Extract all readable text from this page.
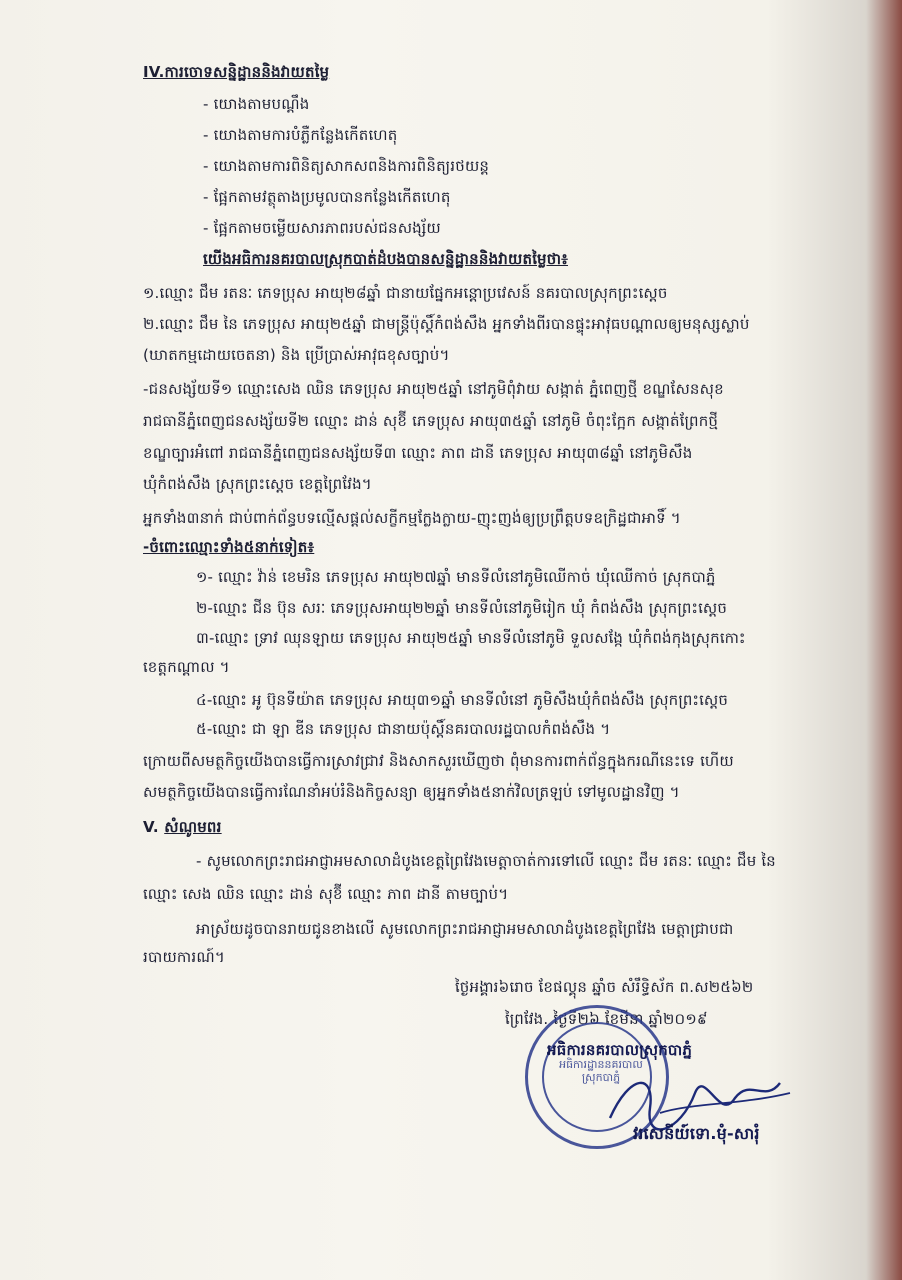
IV.ការចោទសន្និដ្ឋាននិងវាយតម្លៃ
- យោងតាមបណ្តឹង
- យោងតាមការបំភ្លឺកន្លែងកើតហេតុ
- យោងតាមការពិនិត្យសាកសពនិងការពិនិត្យរថយន្ត
- ផ្អែកតាមវត្ថុតាងប្រមូលបានកន្លែងកើតហេតុ
- ផ្អែកតាមចម្លើយសារភាពរបស់ជនសង្ស័យ
យើងអធិការនគរបាលស្រុកបាត់ដំបងបានសន្និដ្ឋាននិងវាយតម្លៃថា៖
១.ឈ្មោះ ជឹម រតនៈ ភេទប្រុស អាយុ២៨ឆ្នាំ ជានាយផ្នែកអន្តោប្រវេសន៍ នគរបាលស្រុកព្រះស្តេច
២.ឈ្មោះ ជឹម នៃ ភេទប្រុស អាយុ២៥ឆ្នាំ ជាមន្ត្រីប៉ុស្តិ៍កំពង់សឹង អ្នកទាំងពីរបានផ្ទុះអាវុធបណ្តាលឲ្យមនុស្សស្លាប់
(ឃាតកម្មដោយចេតនា) និង ប្រើប្រាស់អាវុធខុសច្បាប់។
-ជនសង្ស័យទី១ ឈ្មោះសេង ឈិន ភេទប្រុស អាយុ២៥ឆ្នាំ នៅភូមិពុំវាយ សង្កាត់ ភ្នំពេញថ្មី ខណ្ឌសែនសុខ
រាជធានីភ្នំពេញជនសង្ស័យទី២ ឈ្មោះ ដាន់ សុខ៊ី ភេទប្រុស អាយុ៣៥ឆ្នាំ នៅភូមិ ចំពុះក្អែក សង្កាត់ព្រែកថ្មី
ខណ្ឌច្បារអំពៅ រាជធានីភ្នំពេញជនសង្ស័យទី៣ ឈ្មោះ ភាព ដានី ភេទប្រុស អាយុ៣៨ឆ្នាំ នៅភូមិសឹង
ឃុំកំពង់សឹង ស្រុកព្រះស្តេច ខេត្តព្រៃវែង។
អ្នកទាំង៣នាក់ ជាប់ពាក់ព័ន្ធបទល្មើសផ្តល់សក្ខីកម្មក្លែងក្លាយ-ញុះញង់ឲ្យប្រព្រឹត្តបទឧក្រិដ្ឋជាអាទិ៍ ។
-ចំពោះឈ្មោះទាំង៥នាក់ទៀត៖
១- ឈ្មោះ វ៉ាន់ ខេមរិន ភេទប្រុស អាយុ២៧ឆ្នាំ មានទីលំនៅភូមិឈើកាច់ ឃុំឈើកាច់ ស្រុកបាភ្នំ
២-ឈ្មោះ ជីន ប៊ុន សរៈ ភេទប្រុសអាយុ២២ឆ្នាំ មានទីលំនៅភូមិរៀក ឃុំ កំពង់សឹង ស្រុកព្រះស្តេច
៣-ឈ្មោះ ទ្រាវ ឈុនឡាយ ភេទប្រុស អាយុ២៥ឆ្នាំ មានទីលំនៅភូមិ ទួលសង្កែ ឃុំកំពង់កុងស្រុកកោះ
ខេត្តកណ្តាល ។
៤-ឈ្មោះ អូ ប៊ុនទីយ៉ាត ភេទប្រុស អាយុ៣១ឆ្នាំ មានទីលំនៅ ភូមិសឹងឃុំកំពង់សឹង ស្រុកព្រះស្តេច
៥-ឈ្មោះ ជា ឡា ឌីន ភេទប្រុស ជានាយប៉ុស្តិ៍នគរបាលរដ្ឋបាលកំពង់សឹង ។
ក្រោយពីសមត្ថកិច្ចយើងបានធ្វើការស្រាវជ្រាវ និងសាកសួរឃើញថា ពុំមានការពាក់ព័ន្ធក្នុងករណីនេះទេ ហើយ
សមត្ថកិច្ចយើងបានធ្វើការណែនាំអប់រំនិងកិច្ចសន្យា ឲ្យអ្នកទាំង៥នាក់វិលត្រឡប់ ទៅមូលដ្ឋានវិញ ។
V. សំណូមពរ
- សូមលោកព្រះរាជអាជ្ញាអមសាលាដំបូងខេត្តព្រៃវែងមេត្តាចាត់ការទៅលើ ឈ្មោះ ជឹម រតនៈ ឈ្មោះ ជឹម នៃ
ឈ្មោះ សេង ឈិន ឈ្មោះ ដាន់ សុខ៊ី ឈ្មោះ ភាព ដានី តាមច្បាប់។
អាស្រ័យដូចបានរាយជូនខាងលើ សូមលោកព្រះរាជអាជ្ញាអមសាលាដំបូងខេត្តព្រៃវែង មេត្តាជ្រាបជា
របាយការណ៍។
ថ្ងៃអង្គារ៦រោច ខែផល្គុន ឆ្នាំច សំរឹទ្ធិស័ក ព.ស២៥៦២
ព្រៃវែង. ថ្ងៃទី២៦ ខែមីនា ឆ្នាំ២០១៩
អធិការដ្ឋាននគរបាលស្រុកបាភ្នំ
អធិការនគរបាលស្រុកបាភ្នំ
វរសេនីយ៍ទោ.មុំ-សារុំ
